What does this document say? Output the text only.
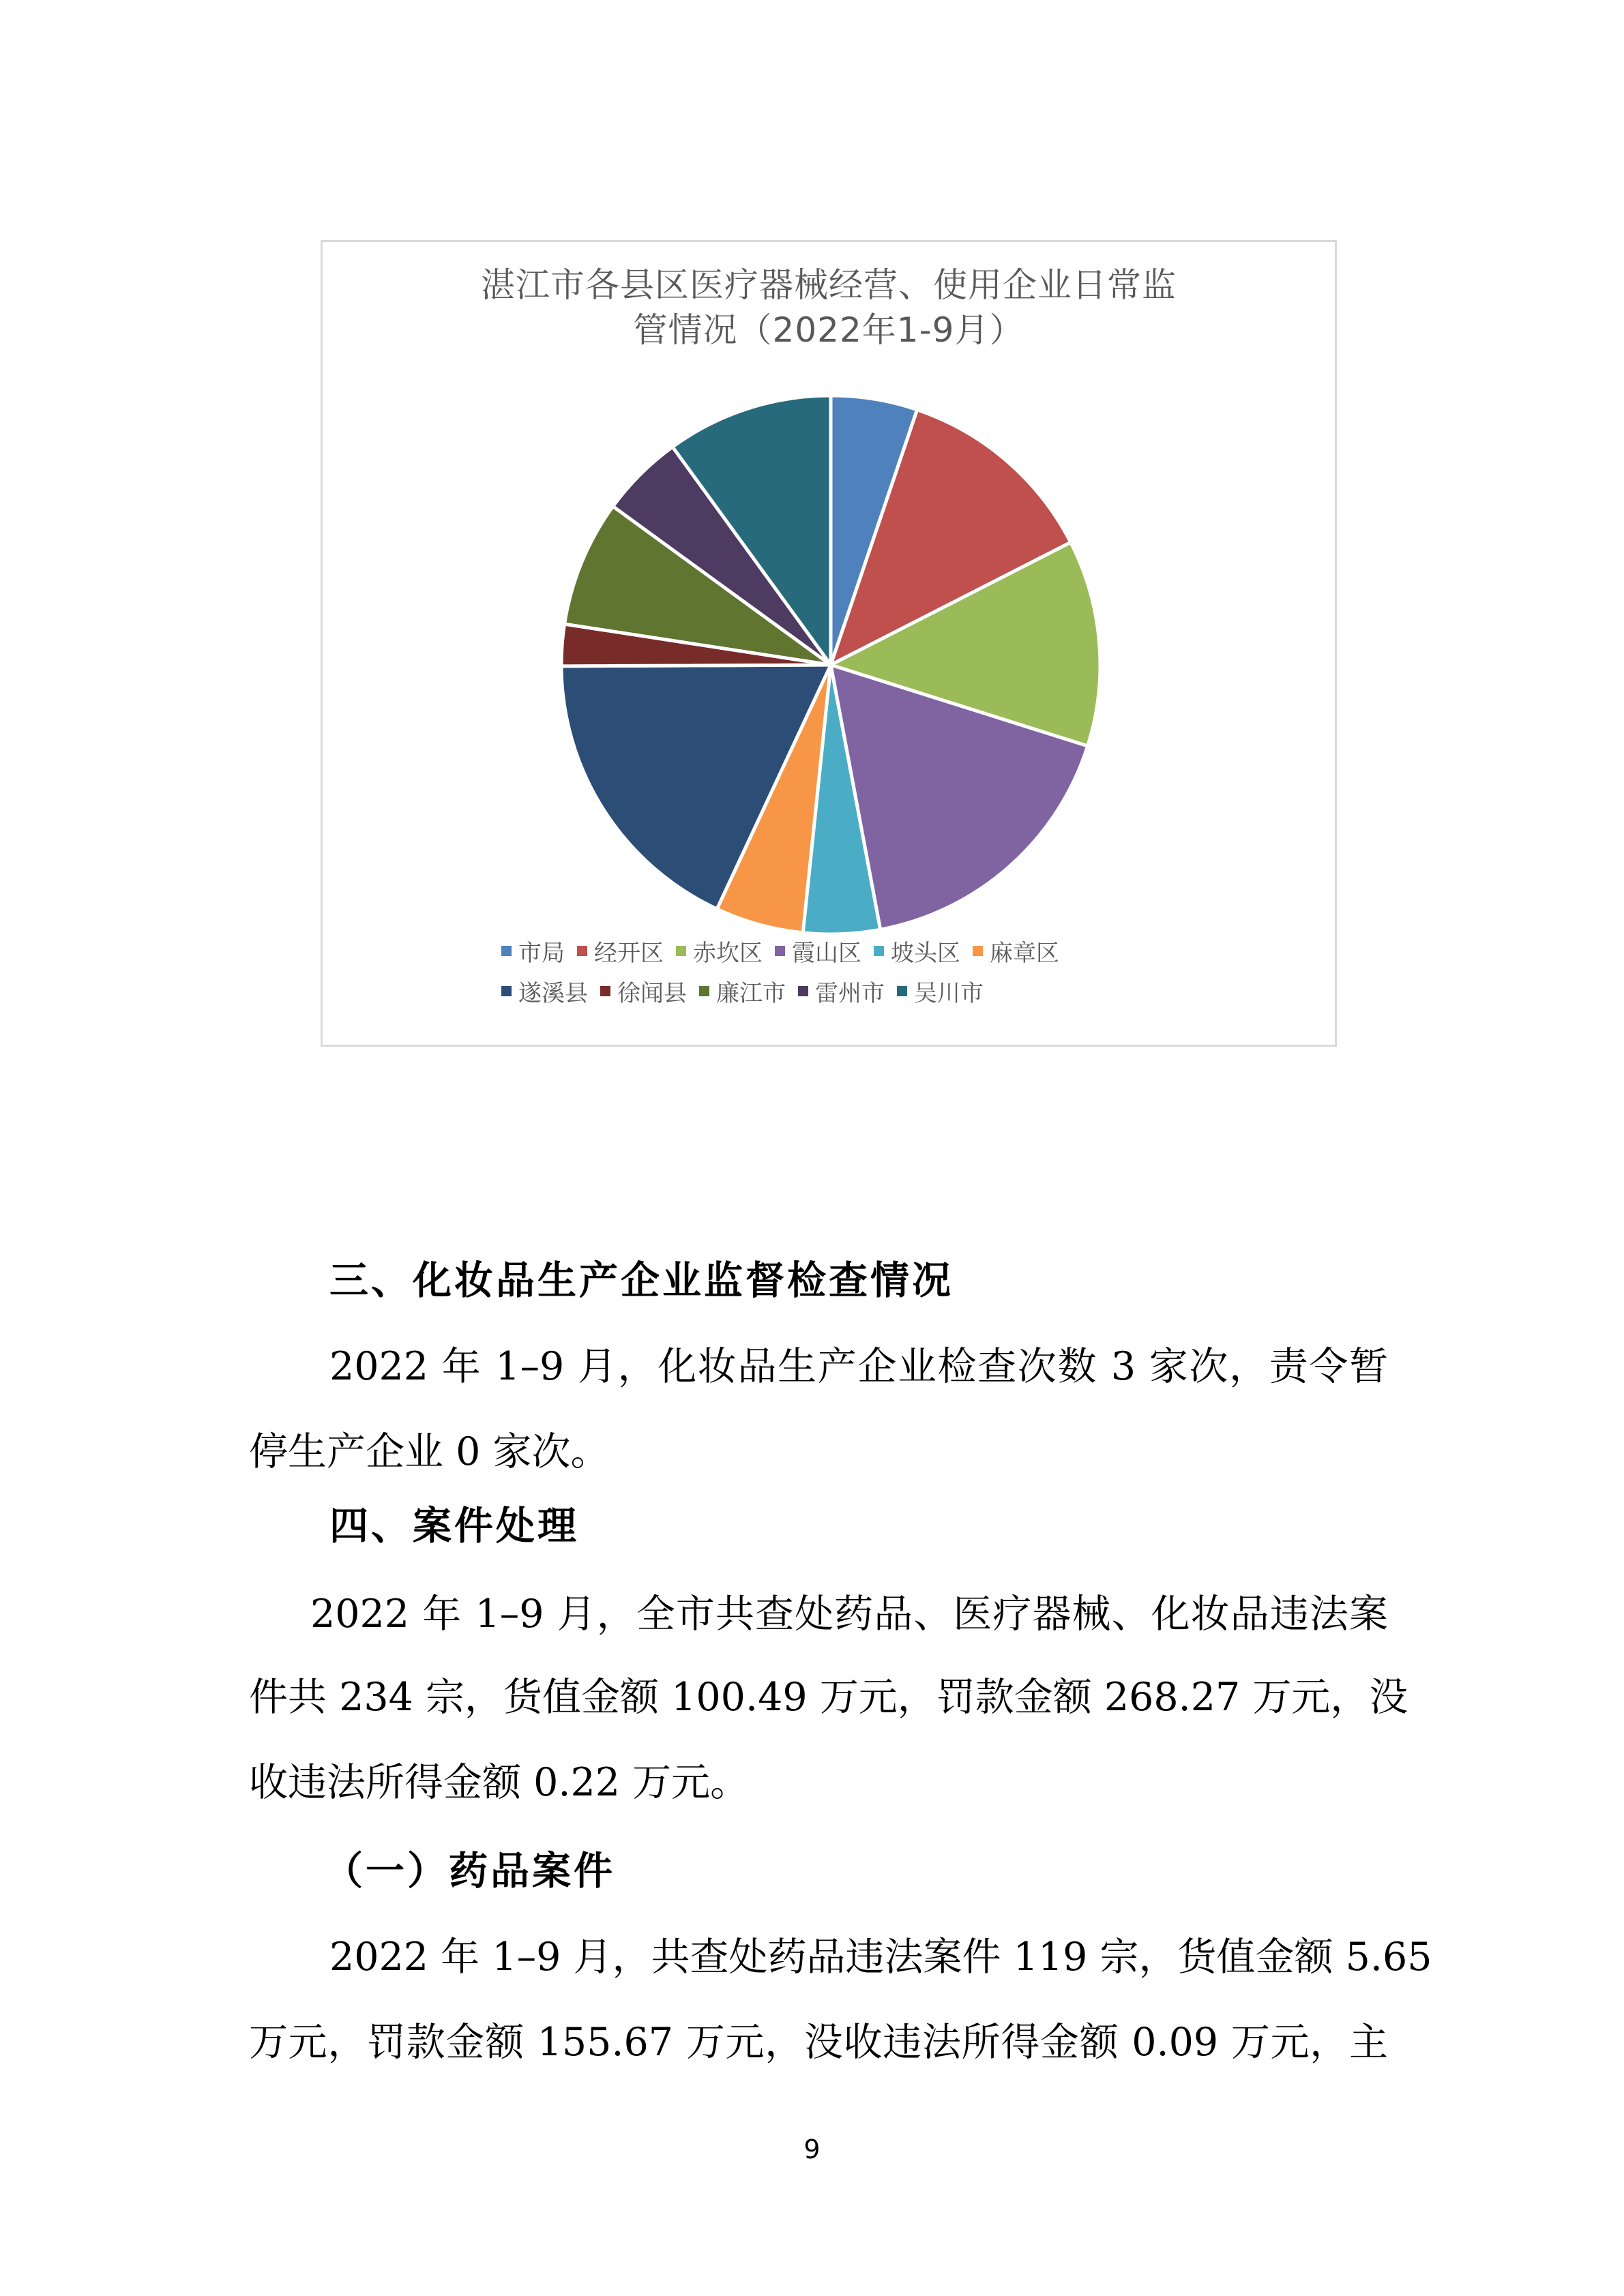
湛江市各县区医疗器械经营、使用企业日常监
管情况（2022年1-9月）
市局 经开区 赤坎区 霞山区 坡头区 麻章区
遂溪县 徐闻县 廉江市 雷州市 吴川市
三、化妆品生产企业监督检查情况
2022 年 1–9 月，化妆品生产企业检查次数 3 家次，责令暂
停生产企业 0 家次。
四、案件处理
2022 年 1–9 月，全市共查处药品、医疗器械、化妆品违法案
件共 234 宗，货值金额 100.49 万元，罚款金额 268.27 万元，没
收违法所得金额 0.22 万元。
（一）药品案件
2022 年 1–9 月，共查处药品违法案件 119 宗，货值金额 5.65
万元，罚款金额 155.67 万元，没收违法所得金额 0.09 万元，主
9
